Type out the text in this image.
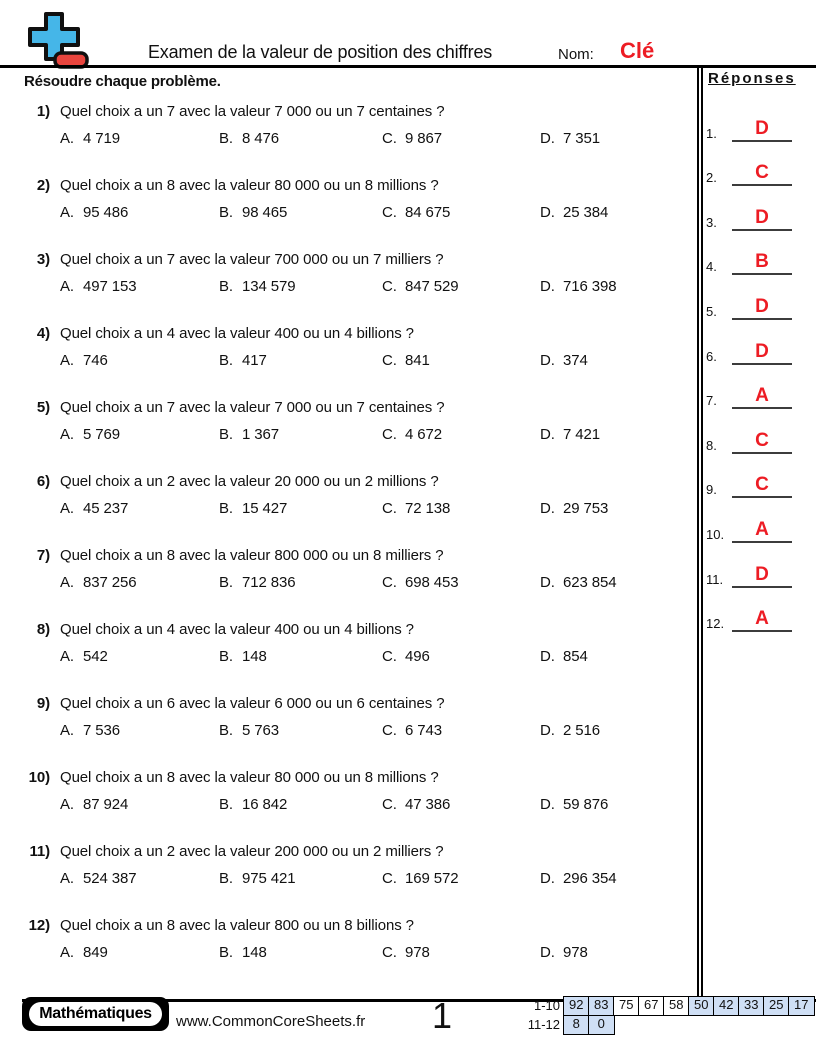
Examen de la valeur de position des chiffres	Nom: Clé
Résoudre chaque problème.
1) Quel choix a un 7 avec la valeur 7 000 ou un 7 centaines ?
A. 4 719	B. 8 476	C. 9 867	D. 7 351
2) Quel choix a un 8 avec la valeur 80 000 ou un 8 millions ?
A. 95 486	B. 98 465	C. 84 675	D. 25 384
3) Quel choix a un 7 avec la valeur 700 000 ou un 7 milliers ?
A. 497 153	B. 134 579	C. 847 529	D. 716 398
4) Quel choix a un 4 avec la valeur 400 ou un 4 billions ?
A. 746	B. 417	C. 841	D. 374
5) Quel choix a un 7 avec la valeur 7 000 ou un 7 centaines ?
A. 5 769	B. 1 367	C. 4 672	D. 7 421
6) Quel choix a un 2 avec la valeur 20 000 ou un 2 millions ?
A. 45 237	B. 15 427	C. 72 138	D. 29 753
7) Quel choix a un 8 avec la valeur 800 000 ou un 8 milliers ?
A. 837 256	B. 712 836	C. 698 453	D. 623 854
8) Quel choix a un 4 avec la valeur 400 ou un 4 billions ?
A. 542	B. 148	C. 496	D. 854
9) Quel choix a un 6 avec la valeur 6 000 ou un 6 centaines ?
A. 7 536	B. 5 763	C. 6 743	D. 2 516
10) Quel choix a un 8 avec la valeur 80 000 ou un 8 millions ?
A. 87 924	B. 16 842	C. 47 386	D. 59 876
11) Quel choix a un 2 avec la valeur 200 000 ou un 2 milliers ?
A. 524 387	B. 975 421	C. 169 572	D. 296 354
12) Quel choix a un 8 avec la valeur 800 ou un 8 billions ?
A. 849	B. 148	C. 978	D. 978
Réponses
1.	D
2.	C
3.	D
4.	B
5.	D
6.	D
7.	A
8.	C
9.	C
10.	A
11.	D
12.	A
Mathématiques	www.CommonCoreSheets.fr 1	1-10 92 83 75 67 58 50 42 33 25 17
11-12 8	0
